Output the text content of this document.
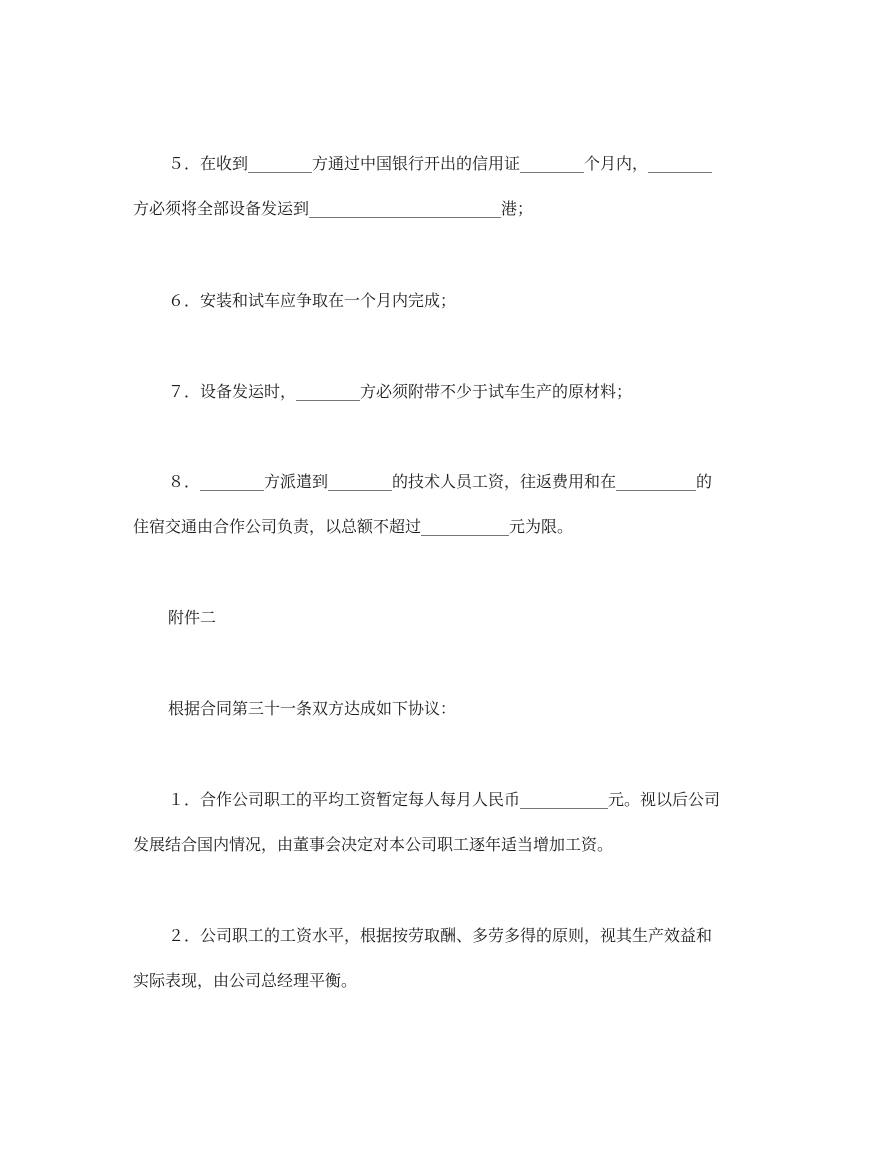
５．在收到________方通过中国银行开出的信用证________个月内，________
方必须将全部设备发运到________________________港；
６．安装和试车应争取在一个月内完成；
７．设备发运时，________方必须附带不少于试车生产的原材料；
８．________方派遣到________的技术人员工资，往返费用和在__________的
住宿交通由合作公司负责，以总额不超过___________元为限。
附件二
根据合同第三十一条双方达成如下协议：
１．合作公司职工的平均工资暂定每人每月人民币___________元。视以后公司
发展结合国内情况，由董事会决定对本公司职工逐年适当增加工资。
２．公司职工的工资水平，根据按劳取酬、多劳多得的原则，视其生产效益和
实际表现，由公司总经理平衡。
